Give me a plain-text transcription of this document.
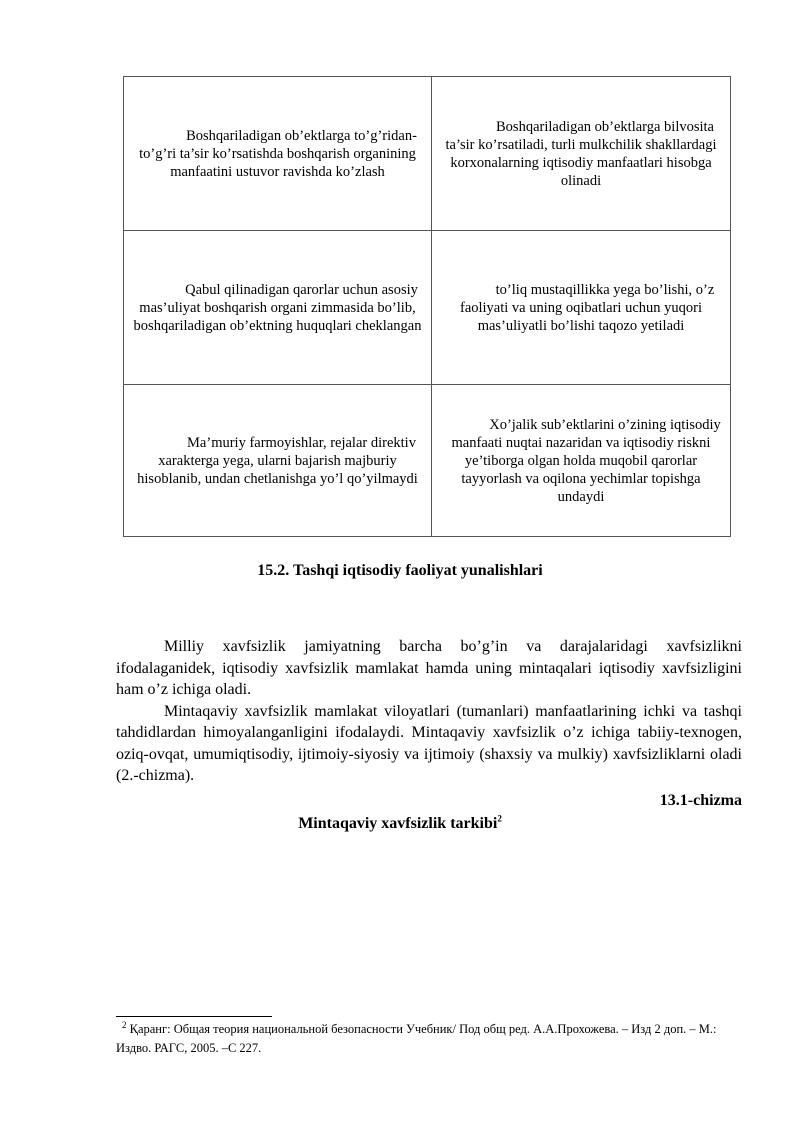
Boshqariladigan ob’ektlarga to’g’ridan-to’g’ri ta’sir ko’rsatishda boshqarish organining manfaatini ustuvor ravishda ko’zlash

Boshqariladigan ob’ektlarga bilvosita ta’sir ko’rsatiladi, turli mulkchilik shakllardagi korxonalarning iqtisodiy manfaatlari hisobga olinadi

Qabul qilinadigan qarorlar uchun asosiy mas’uliyat boshqarish organi zimmasida bo’lib, boshqariladigan ob’ektning huquqlari cheklangan

to’liq mustaqillikka yega bo’lishi, o’z faoliyati va uning oqibatlari uchun yuqori mas’uliyatli bo’lishi taqozo yetiladi

Ma’muriy farmoyishlar, rejalar direktiv xarakterga yega, ularni bajarish majburiy hisoblanib, undan chetlanishga yo’l qo’yilmaydi

Xo’jalik sub’ektlarini o’zining iqtisodiy manfaati nuqtai nazaridan va iqtisodiy riskni ye’tiborga olgan holda muqobil qarorlar tayyorlash va oqilona yechimlar topishga undaydi

15.2. Tashqi iqtisodiy faoliyat yunalishlari

Milliy xavfsizlik jamiyatning barcha bo’g’in va darajalaridagi xavfsizlikni ifodalaganidek, iqtisodiy xavfsizlik mamlakat hamda uning mintaqalari iqtisodiy xavfsizligini ham o’z ichiga oladi.

Mintaqaviy xavfsizlik mamlakat viloyatlari (tumanlari) manfaatlarining ichki va tashqi tahdidlardan himoyalanganligini ifodalaydi. Mintaqaviy xavfsizlik o’z ichiga tabiiy-texnogen, oziq-ovqat, umumiqtisodiy, ijtimoiy-siyosiy va ijtimoiy (shaxsiy va mulkiy) xavfsizliklarni oladi (2.-chizma).

13.1-chizma
Mintaqaviy xavfsizlik tarkibi$^2$
$^2$ Қаранг: Общая теория национальной безопасности Учебник/ Под общ ред. А.А.Прохожева. – Изд 2 доп. – М.: Издво. РАГС, 2005. –С 227.
